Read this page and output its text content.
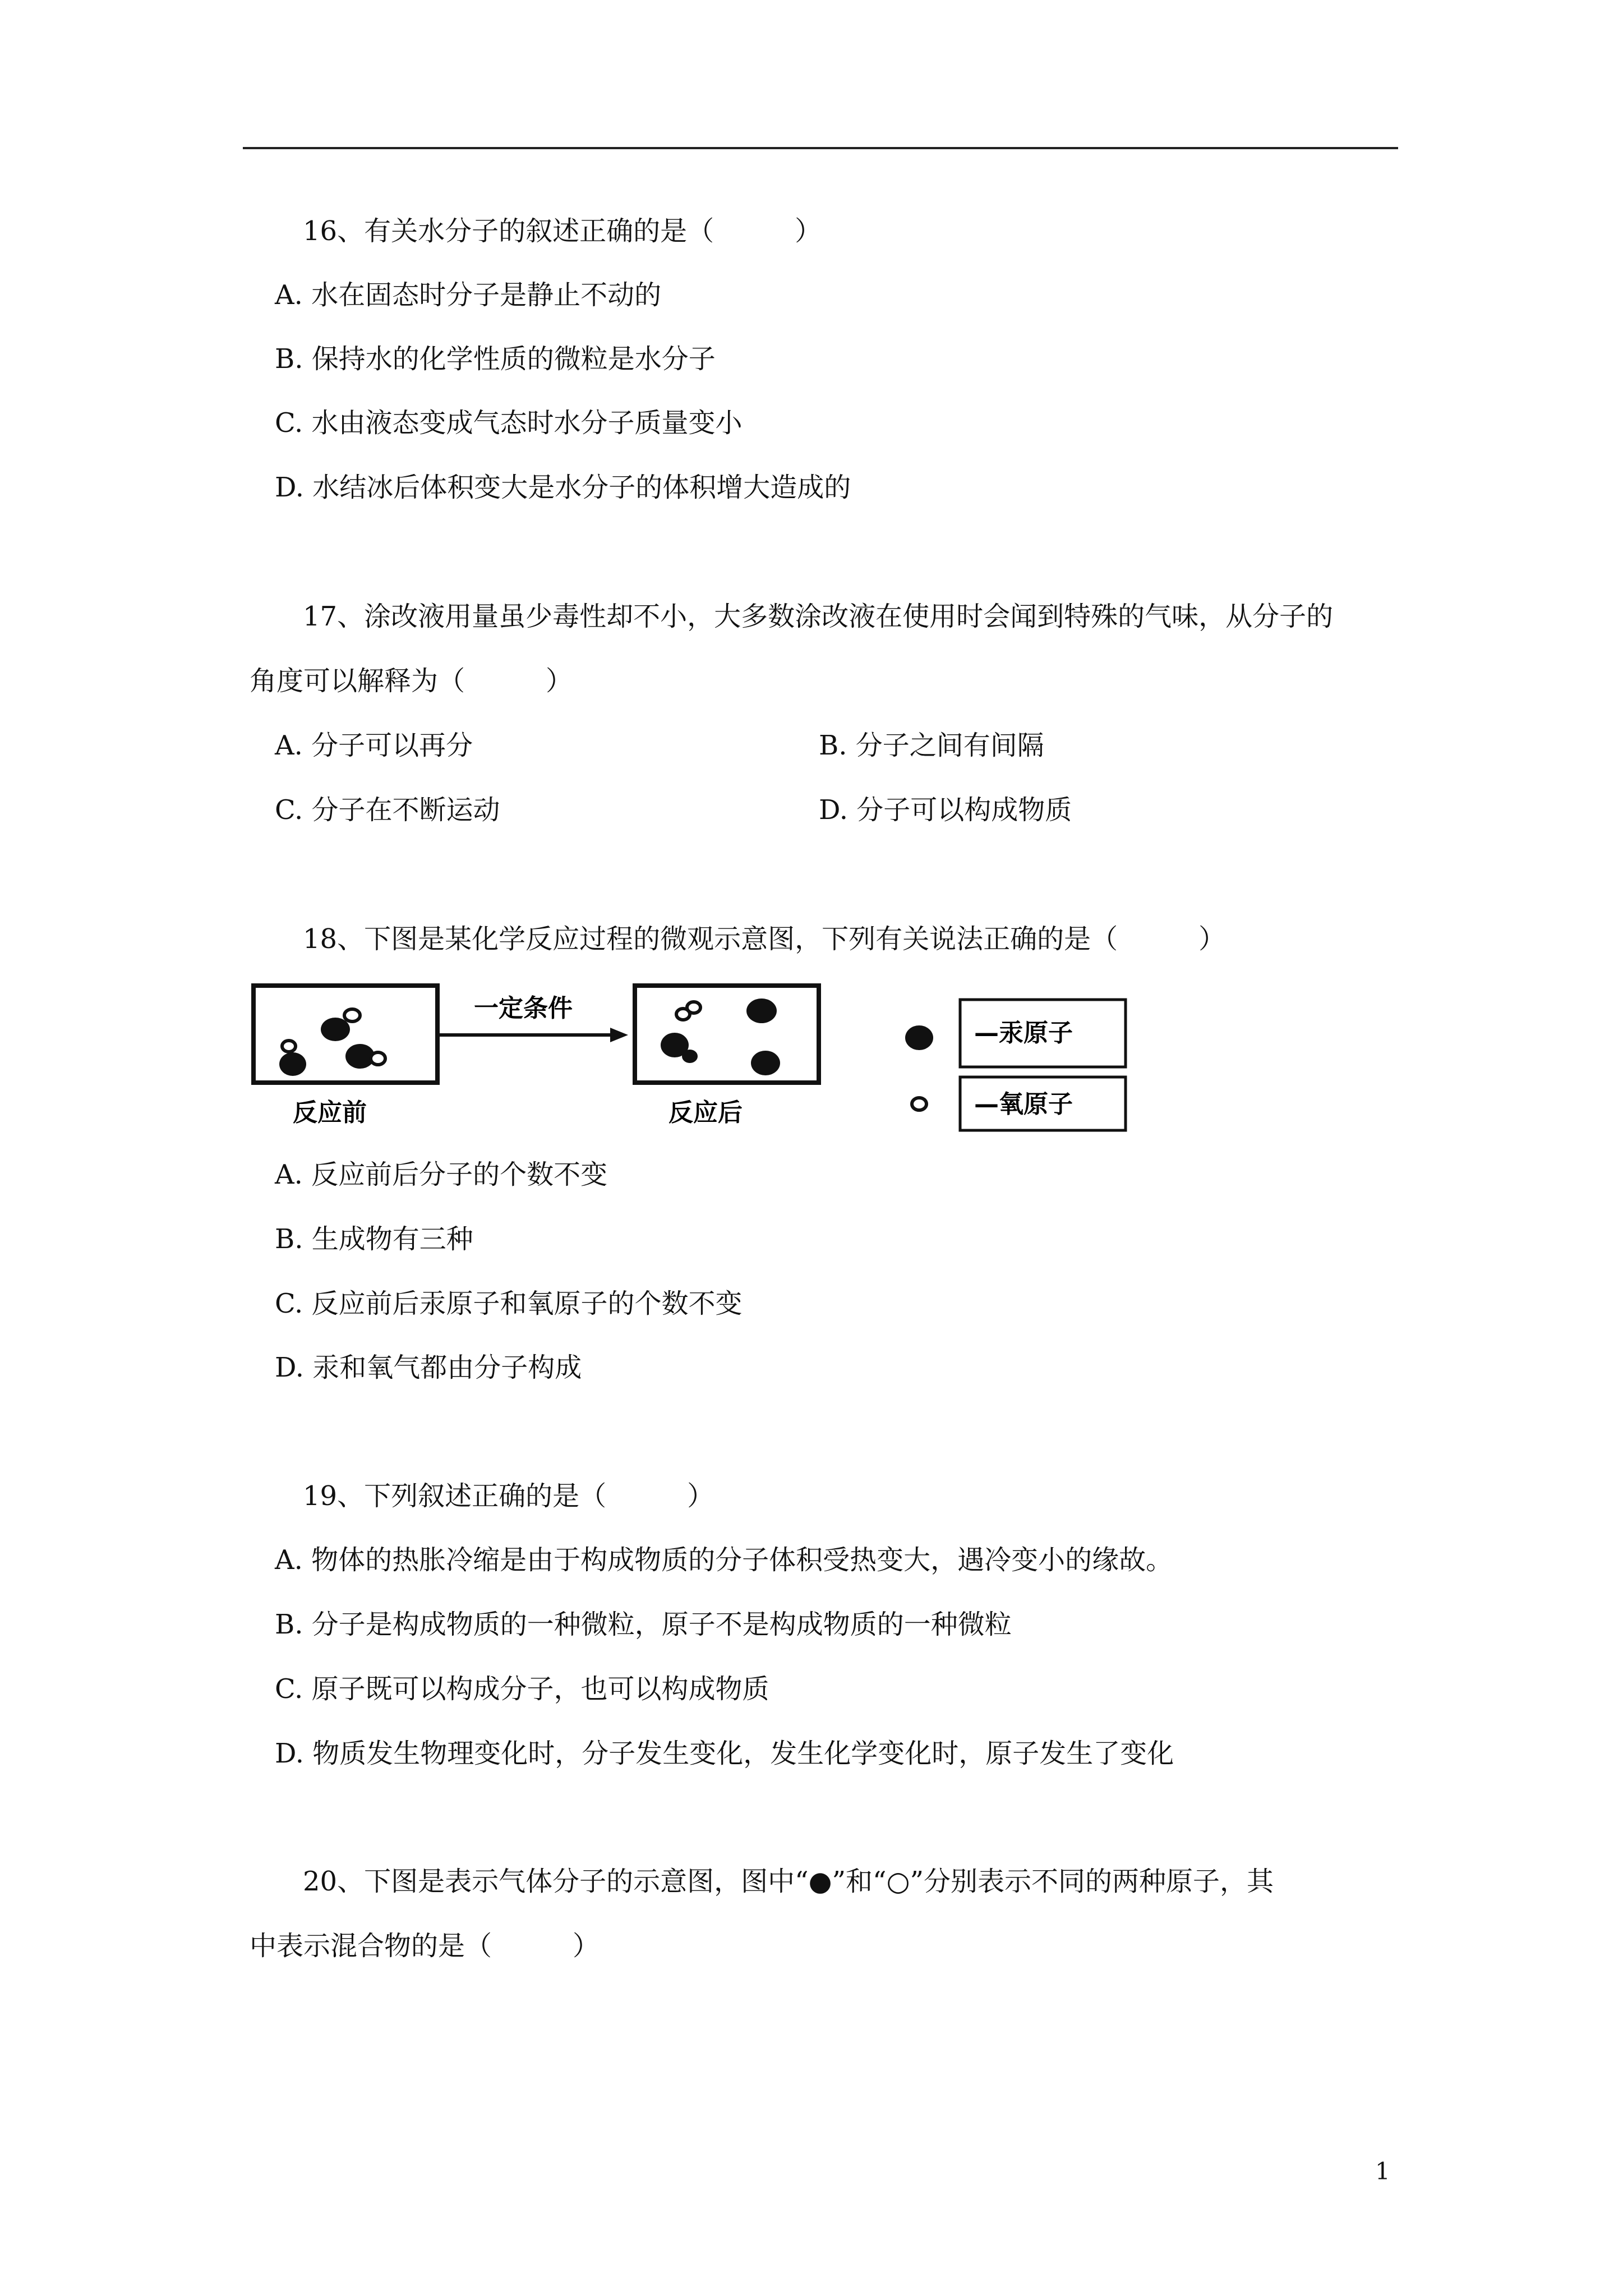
16、有关水分子的叙述正确的是（　　　）
A. 水在固态时分子是静止不动的
B. 保持水的化学性质的微粒是水分子
C. 水由液态变成气态时水分子质量变小
D. 水结冰后体积变大是水分子的体积增大造成的
17、涂改液用量虽少毒性却不小，大多数涂改液在使用时会闻到特殊的气味，从分子的
角度可以解释为（　　　）
A. 分子可以再分	B. 分子之间有间隔
C. 分子在不断运动	D. 分子可以构成物质
18、下图是某化学反应过程的微观示意图，下列有关说法正确的是（　　　）
反应前
一定条件
反应后
—汞原子
—氧原子
A. 反应前后分子的个数不变
B. 生成物有三种
C. 反应前后汞原子和氧原子的个数不变
D. 汞和氧气都由分子构成
19、下列叙述正确的是（　　　）
A. 物体的热胀冷缩是由于构成物质的分子体积受热变大，遇冷变小的缘故。
B. 分子是构成物质的一种微粒，原子不是构成物质的一种微粒
C. 原子既可以构成分子，也可以构成物质
D. 物质发生物理变化时，分子发生变化，发生化学变化时，原子发生了变化
20、下图是表示气体分子的示意图，图中“●”和“○”分别表示不同的两种原子，其
中表示混合物的是（　　　）
1
